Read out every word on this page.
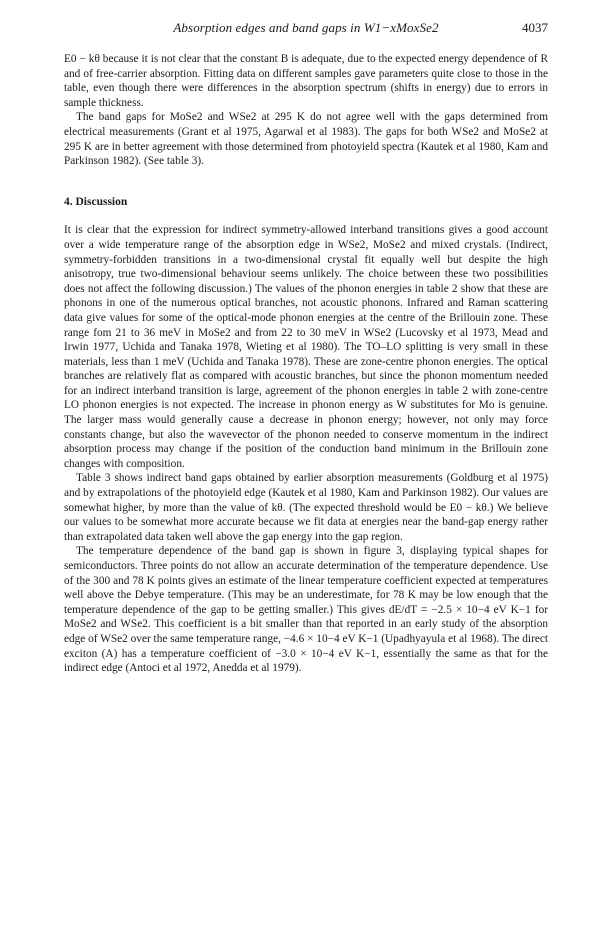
Absorption edges and band gaps in W1−xMoxSe2	4037

E0 − kθ because it is not clear that the constant B is adequate, due to the expected energy dependence of R and of free-carrier absorption. Fitting data on different samples gave parameters quite close to those in the table, even though there were differences in the absorption spectrum (shifts in energy) due to errors in sample thickness.

The band gaps for MoSe2 and WSe2 at 295 K do not agree well with the gaps determined from electrical measurements (Grant et al 1975, Agarwal et al 1983). The gaps for both WSe2 and MoSe2 at 295 K are in better agreement with those determined from photoyield spectra (Kautek et al 1980, Kam and Parkinson 1982). (See table 3).

4. Discussion

It is clear that the expression for indirect symmetry-allowed interband transitions gives a good account over a wide temperature range of the absorption edge in WSe2, MoSe2 and mixed crystals. (Indirect, symmetry-forbidden transitions in a two-dimensional crystal fit equally well but despite the high anisotropy, true two-dimensional behaviour seems unlikely. The choice between these two possibilities does not affect the following discussion.) The values of the phonon energies in table 2 show that these are phonons in one of the numerous optical branches, not acoustic phonons. Infrared and Raman scattering data give values for some of the optical-mode phonon energies at the centre of the Brillouin zone. These range fom 21 to 36 meV in MoSe2 and from 22 to 30 meV in WSe2 (Lucovsky et al 1973, Mead and Irwin 1977, Uchida and Tanaka 1978, Wieting et al 1980). The TO–LO splitting is very small in these materials, less than 1 meV (Uchida and Tanaka 1978). These are zone-centre phonon energies. The optical branches are relatively flat as compared with acoustic branches, but since the phonon momentum needed for an indirect interband transition is large, agreement of the phonon energies in table 2 with zone-centre LO phonon energies is not expected. The increase in phonon energy as W substitutes for Mo is genuine. The larger mass would generally cause a decrease in phonon energy; however, not only may force constants change, but also the wavevector of the phonon needed to conserve momentum in the indirect absorption process may change if the position of the conduction band minimum in the Brillouin zone changes with composition.

Table 3 shows indirect band gaps obtained by earlier absorption measurements (Goldburg et al 1975) and by extrapolations of the photoyield edge (Kautek et al 1980, Kam and Parkinson 1982). Our values are somewhat higher, by more than the value of kθ. (The expected threshold would be E0 − kθ.) We believe our values to be somewhat more accurate because we fit data at energies near the band-gap energy rather than extrapolated data taken well above the gap energy into the gap region.

The temperature dependence of the band gap is shown in figure 3, displaying typical shapes for semiconductors. Three points do not allow an accurate determination of the temperature dependence. Use of the 300 and 78 K points gives an estimate of the linear temperature coefficient expected at temperatures well above the Debye temperature. (This may be an underestimate, for 78 K may be low enough that the temperature dependence of the gap to be getting smaller.) This gives dE/dT = −2.5 × 10−4 eV K−1 for MoSe2 and WSe2. This coefficient is a bit smaller than that reported in an early study of the absorption edge of WSe2 over the same temperature range, −4.6 × 10−4 eV K−1 (Upadhyayula et al 1968). The direct exciton (A) has a temperature coefficient of −3.0 × 10−4 eV K−1, essentially the same as that for the indirect edge (Antoci et al 1972, Anedda et al 1979).
